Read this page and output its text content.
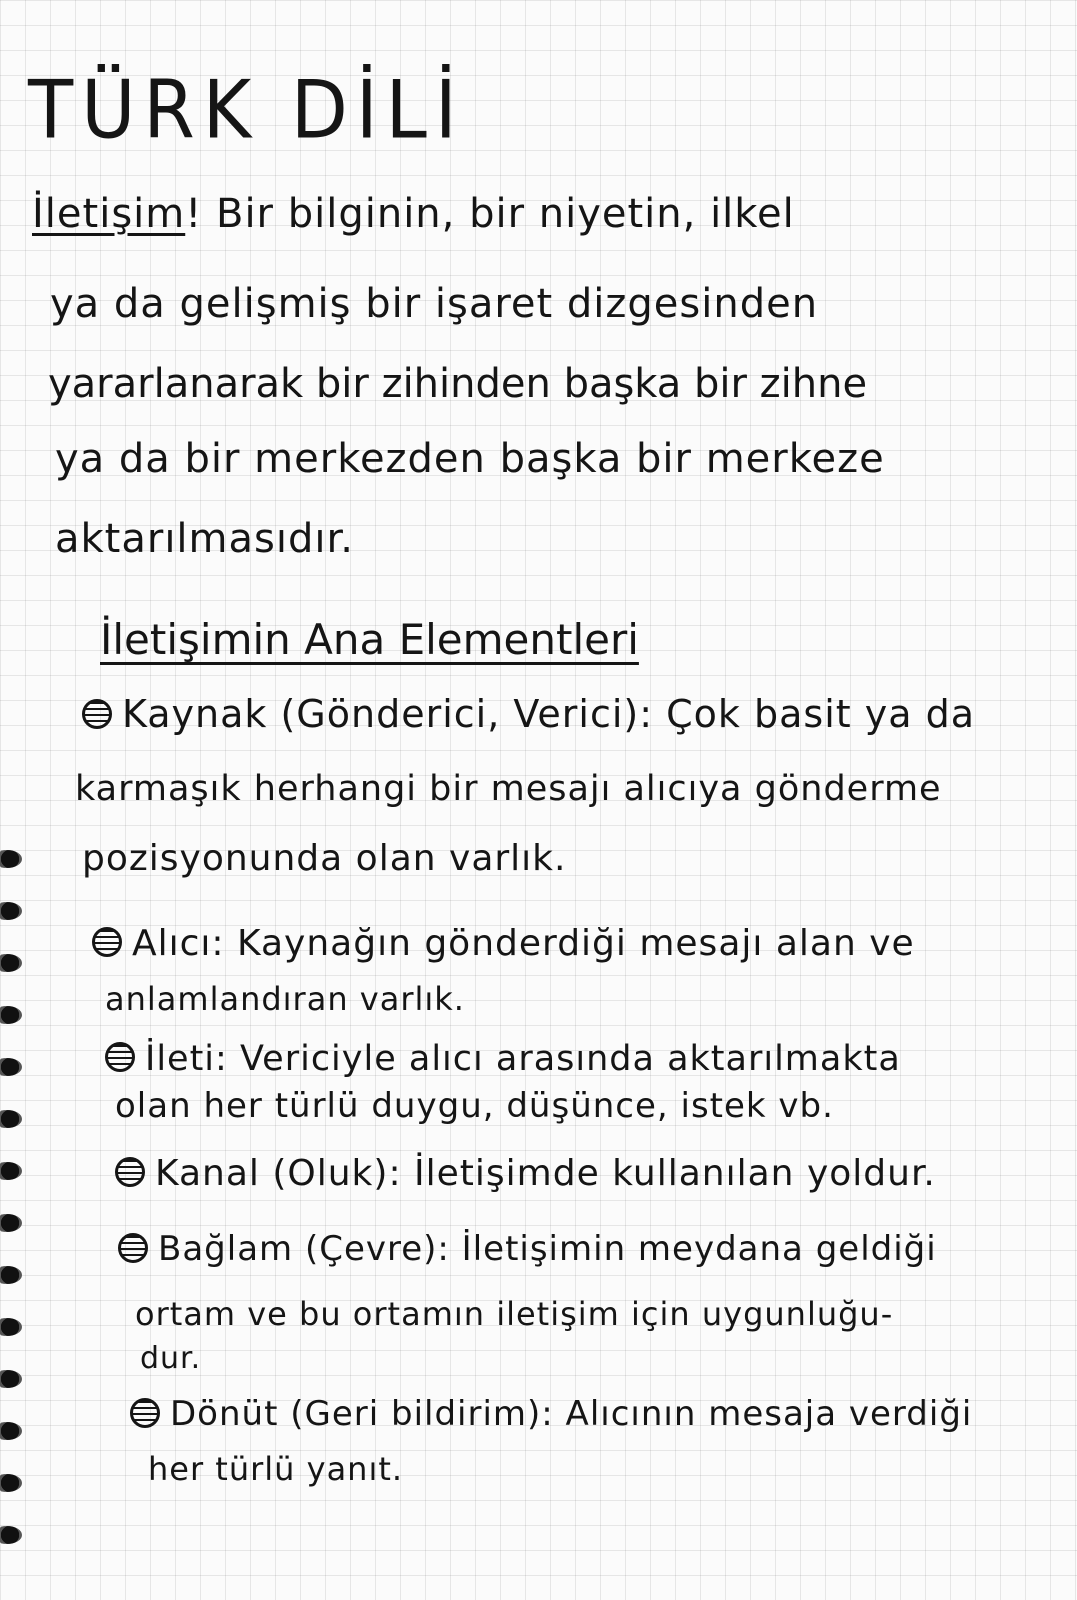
TÜRK DİLİ
İletişim! Bir bilginin, bir niyetin, ilkel
ya da gelişmiş bir işaret dizgesinden
yararlanarak bir zihinden başka bir zihne
ya da bir merkezden başka bir merkeze
aktarılmasıdır.
İletişimin Ana Elementleri
Kaynak (Gönderici, Verici): Çok basit ya da
karmaşık herhangi bir mesajı alıcıya gönderme
pozisyonunda olan varlık.
Alıcı: Kaynağın gönderdiği mesajı alan ve
anlamlandıran varlık.
İleti: Vericiyle alıcı arasında aktarılmakta
olan her türlü duygu, düşünce, istek vb.
Kanal (Oluk): İletişimde kullanılan yoldur.
Bağlam (Çevre): İletişimin meydana geldiği
ortam ve bu ortamın iletişim için uygunluğu-
dur.
Dönüt (Geri bildirim): Alıcının mesaja verdiği
her türlü yanıt.
